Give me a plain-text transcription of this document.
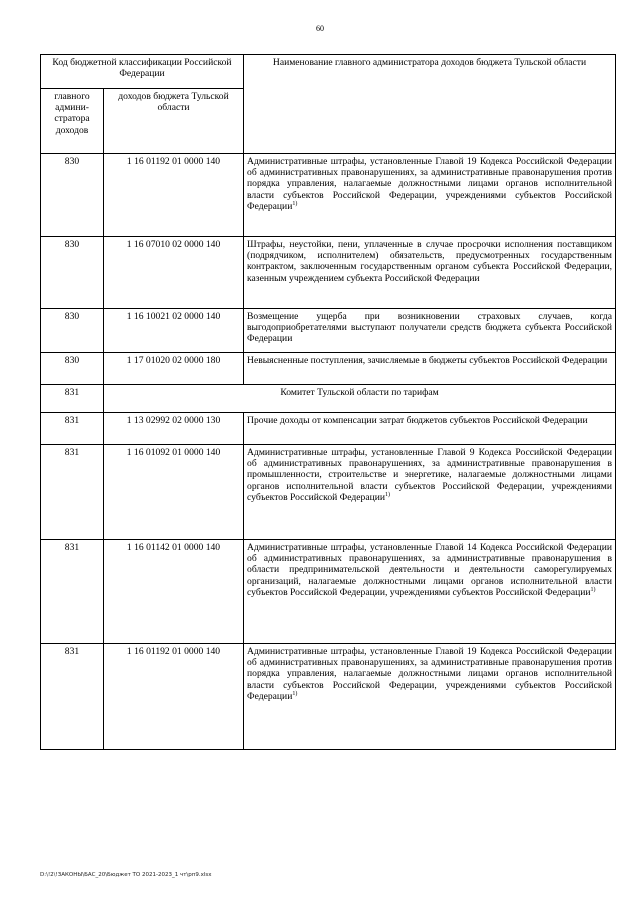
60
Код бюджетной классификации Российской Федерации		Наименование главного администратора доходов бюджета Тульской области
главного админи-стратора доходов	доходов бюджета Тульской области	
830	1 16 01192 01 0000 140	Административные штрафы, установленные Главой 19 Кодекса Российской Федерации об административных правонарушениях, за административные правонарушения против порядка управления, налагаемые должностными лицами органов исполнительной власти субъектов Российской Федерации, учреждениями субъектов Российской Федерации$^{1)}$
830	1 16 07010 02 0000 140	Штрафы, неустойки, пени, уплаченные в случае просрочки исполнения поставщиком (подрядчиком, исполнителем) обязательств, предусмотренных государственным контрактом, заключенным государственным органом субъекта Российской Федерации, казенным учреждением субъекта Российской Федерации
830	1 16 10021 02 0000 140	Возмещение ущерба при возникновении страховых случаев, когда выгодоприобретателями выступают получатели средств бюджета субъекта Российской Федерации
830	1 17 01020 02 0000 180	Невыясненные поступления, зачисляемые в бюджеты субъектов Российской Федерации
831	Комитет Тульской области по тарифам	
831	1 13 02992 02 0000 130	Прочие доходы от компенсации затрат бюджетов субъектов Российской Федерации
831	1 16 01092 01 0000 140	Административные штрафы, установленные Главой 9 Кодекса Российской Федерации об административных правонарушениях, за административные правонарушения в промышленности, строительстве и энергетике, налагаемые должностными лицами органов исполнительной власти субъектов Российской Федерации, учреждениями субъектов Российской Федерации$^{1)}$
831	1 16 01142 01 0000 140	Административные штрафы, установленные Главой 14 Кодекса Российской Федерации об административных правонарушениях, за административные правонарушения в области предпринимательской деятельности и деятельности саморегулируемых организаций, налагаемые должностными лицами органов исполнительной власти субъектов Российской Федерации, учреждениями субъектов Российской Федерации$^{1)}$
831	1 16 01192 01 0000 140	Административные штрафы, установленные Главой 19 Кодекса Российской Федерации об административных правонарушениях, за административные правонарушения против порядка управления, налагаемые должностными лицами органов исполнительной власти субъектов Российской Федерации, учреждениями субъектов Российской Федерации$^{1)}$
D:\!2\!ЗАКОНЫ\БАС_20\Бюджет ТО 2021-2023_1 чт\рп9.xlsx
